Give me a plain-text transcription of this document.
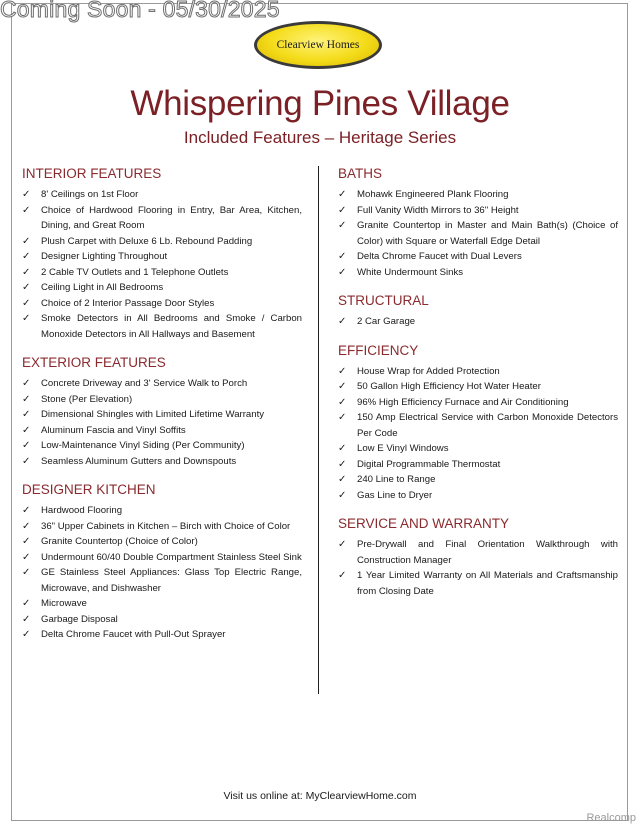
Coming Soon - 05/30/2025
Clearview Homes
Whispering Pines Village
Included Features – Heritage Series
INTERIOR FEATURES
✓ 8' Ceilings on 1st Floor
✓ Choice of Hardwood Flooring in Entry, Bar Area, Kitchen, Dining, and Great Room
✓ Plush Carpet with Deluxe 6 Lb. Rebound Padding
✓ Designer Lighting Throughout
✓ 2 Cable TV Outlets and 1 Telephone Outlets
✓ Ceiling Light in All Bedrooms
✓ Choice of 2 Interior Passage Door Styles
✓ Smoke Detectors in All Bedrooms and Smoke / Carbon Monoxide Detectors in All Hallways and Basement
EXTERIOR FEATURES
✓ Concrete Driveway and 3' Service Walk to Porch
✓ Stone (Per Elevation)
✓ Dimensional Shingles with Limited Lifetime Warranty
✓ Aluminum Fascia and Vinyl Soffits
✓ Low-Maintenance Vinyl Siding (Per Community)
✓ Seamless Aluminum Gutters and Downspouts
DESIGNER KITCHEN
✓ Hardwood Flooring
✓ 36" Upper Cabinets in Kitchen – Birch with Choice of Color
✓ Granite Countertop (Choice of Color)
✓ Undermount 60/40 Double Compartment Stainless Steel Sink
✓ GE Stainless Steel Appliances: Glass Top Electric Range, Microwave, and Dishwasher
✓ Microwave
✓ Garbage Disposal
✓ Delta Chrome Faucet with Pull-Out Sprayer
BATHS
✓ Mohawk Engineered Plank Flooring
✓ Full Vanity Width Mirrors to 36" Height
✓ Granite Countertop in Master and Main Bath(s) (Choice of Color) with Square or Waterfall Edge Detail
✓ Delta Chrome Faucet with Dual Levers
✓ White Undermount Sinks
STRUCTURAL
✓ 2 Car Garage
EFFICIENCY
✓ House Wrap for Added Protection
✓ 50 Gallon High Efficiency Hot Water Heater
✓ 96% High Efficiency Furnace and Air Conditioning
✓ 150 Amp Electrical Service with Carbon Monoxide Detectors Per Code
✓ Low E Vinyl Windows
✓ Digital Programmable Thermostat
✓ 240 Line to Range
✓ Gas Line to Dryer
SERVICE AND WARRANTY
✓ Pre-Drywall and Final Orientation Walkthrough with Construction Manager
✓ 1 Year Limited Warranty on All Materials and Craftsmanship from Closing Date
Visit us online at: MyClearviewHome.com
Realcomp
